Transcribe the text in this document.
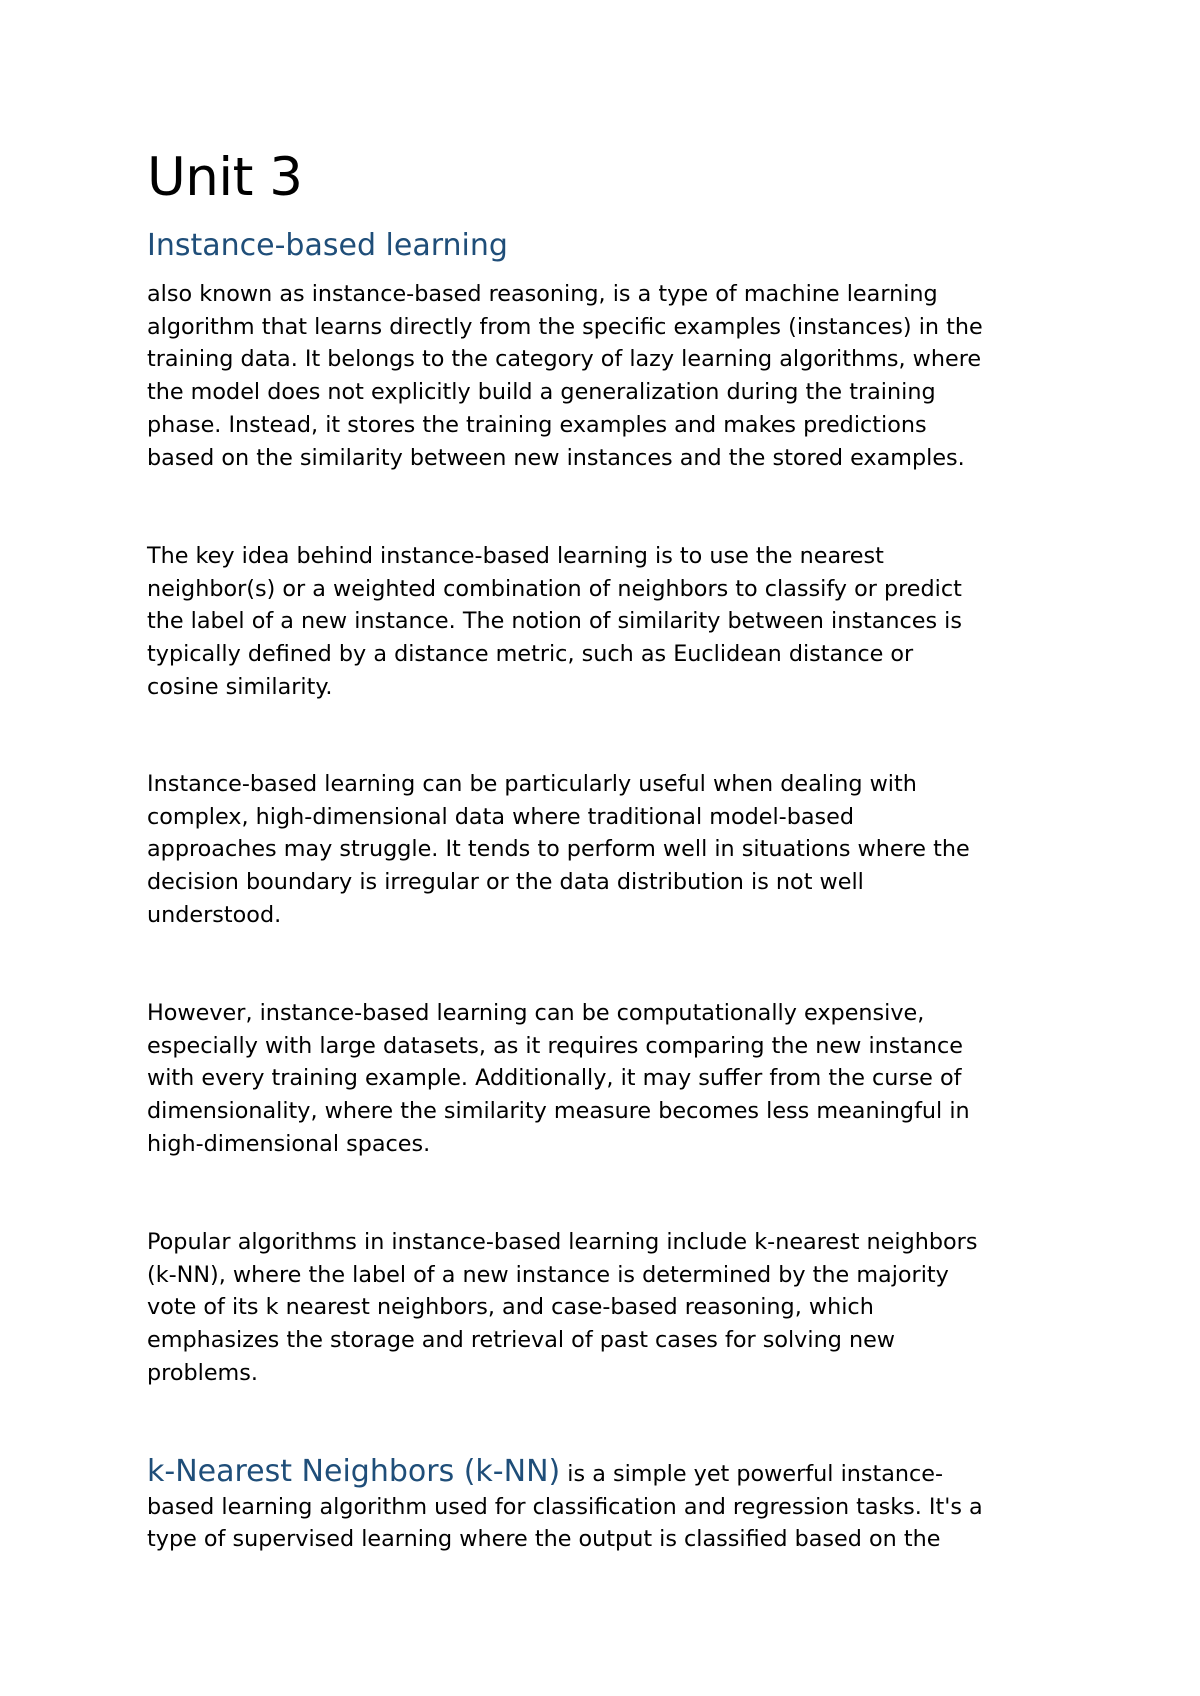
Unit 3
Instance-based learning

also known as instance-based reasoning, is a type of machine learning
algorithm that learns directly from the specific examples (instances) in the
training data. It belongs to the category of lazy learning algorithms, where
the model does not explicitly build a generalization during the training
phase. Instead, it stores the training examples and makes predictions
based on the similarity between new instances and the stored examples.

The key idea behind instance-based learning is to use the nearest
neighbor(s) or a weighted combination of neighbors to classify or predict
the label of a new instance. The notion of similarity between instances is
typically defined by a distance metric, such as Euclidean distance or
cosine similarity.

Instance-based learning can be particularly useful when dealing with
complex, high-dimensional data where traditional model-based
approaches may struggle. It tends to perform well in situations where the
decision boundary is irregular or the data distribution is not well
understood.

However, instance-based learning can be computationally expensive,
especially with large datasets, as it requires comparing the new instance
with every training example. Additionally, it may suffer from the curse of
dimensionality, where the similarity measure becomes less meaningful in
high-dimensional spaces.

Popular algorithms in instance-based learning include k-nearest neighbors
(k-NN), where the label of a new instance is determined by the majority
vote of its k nearest neighbors, and case-based reasoning, which
emphasizes the storage and retrieval of past cases for solving new
problems.

k-Nearest Neighbors (k-NN) is a simple yet powerful instance-
based learning algorithm used for classification and regression tasks. It's a
type of supervised learning where the output is classified based on the
